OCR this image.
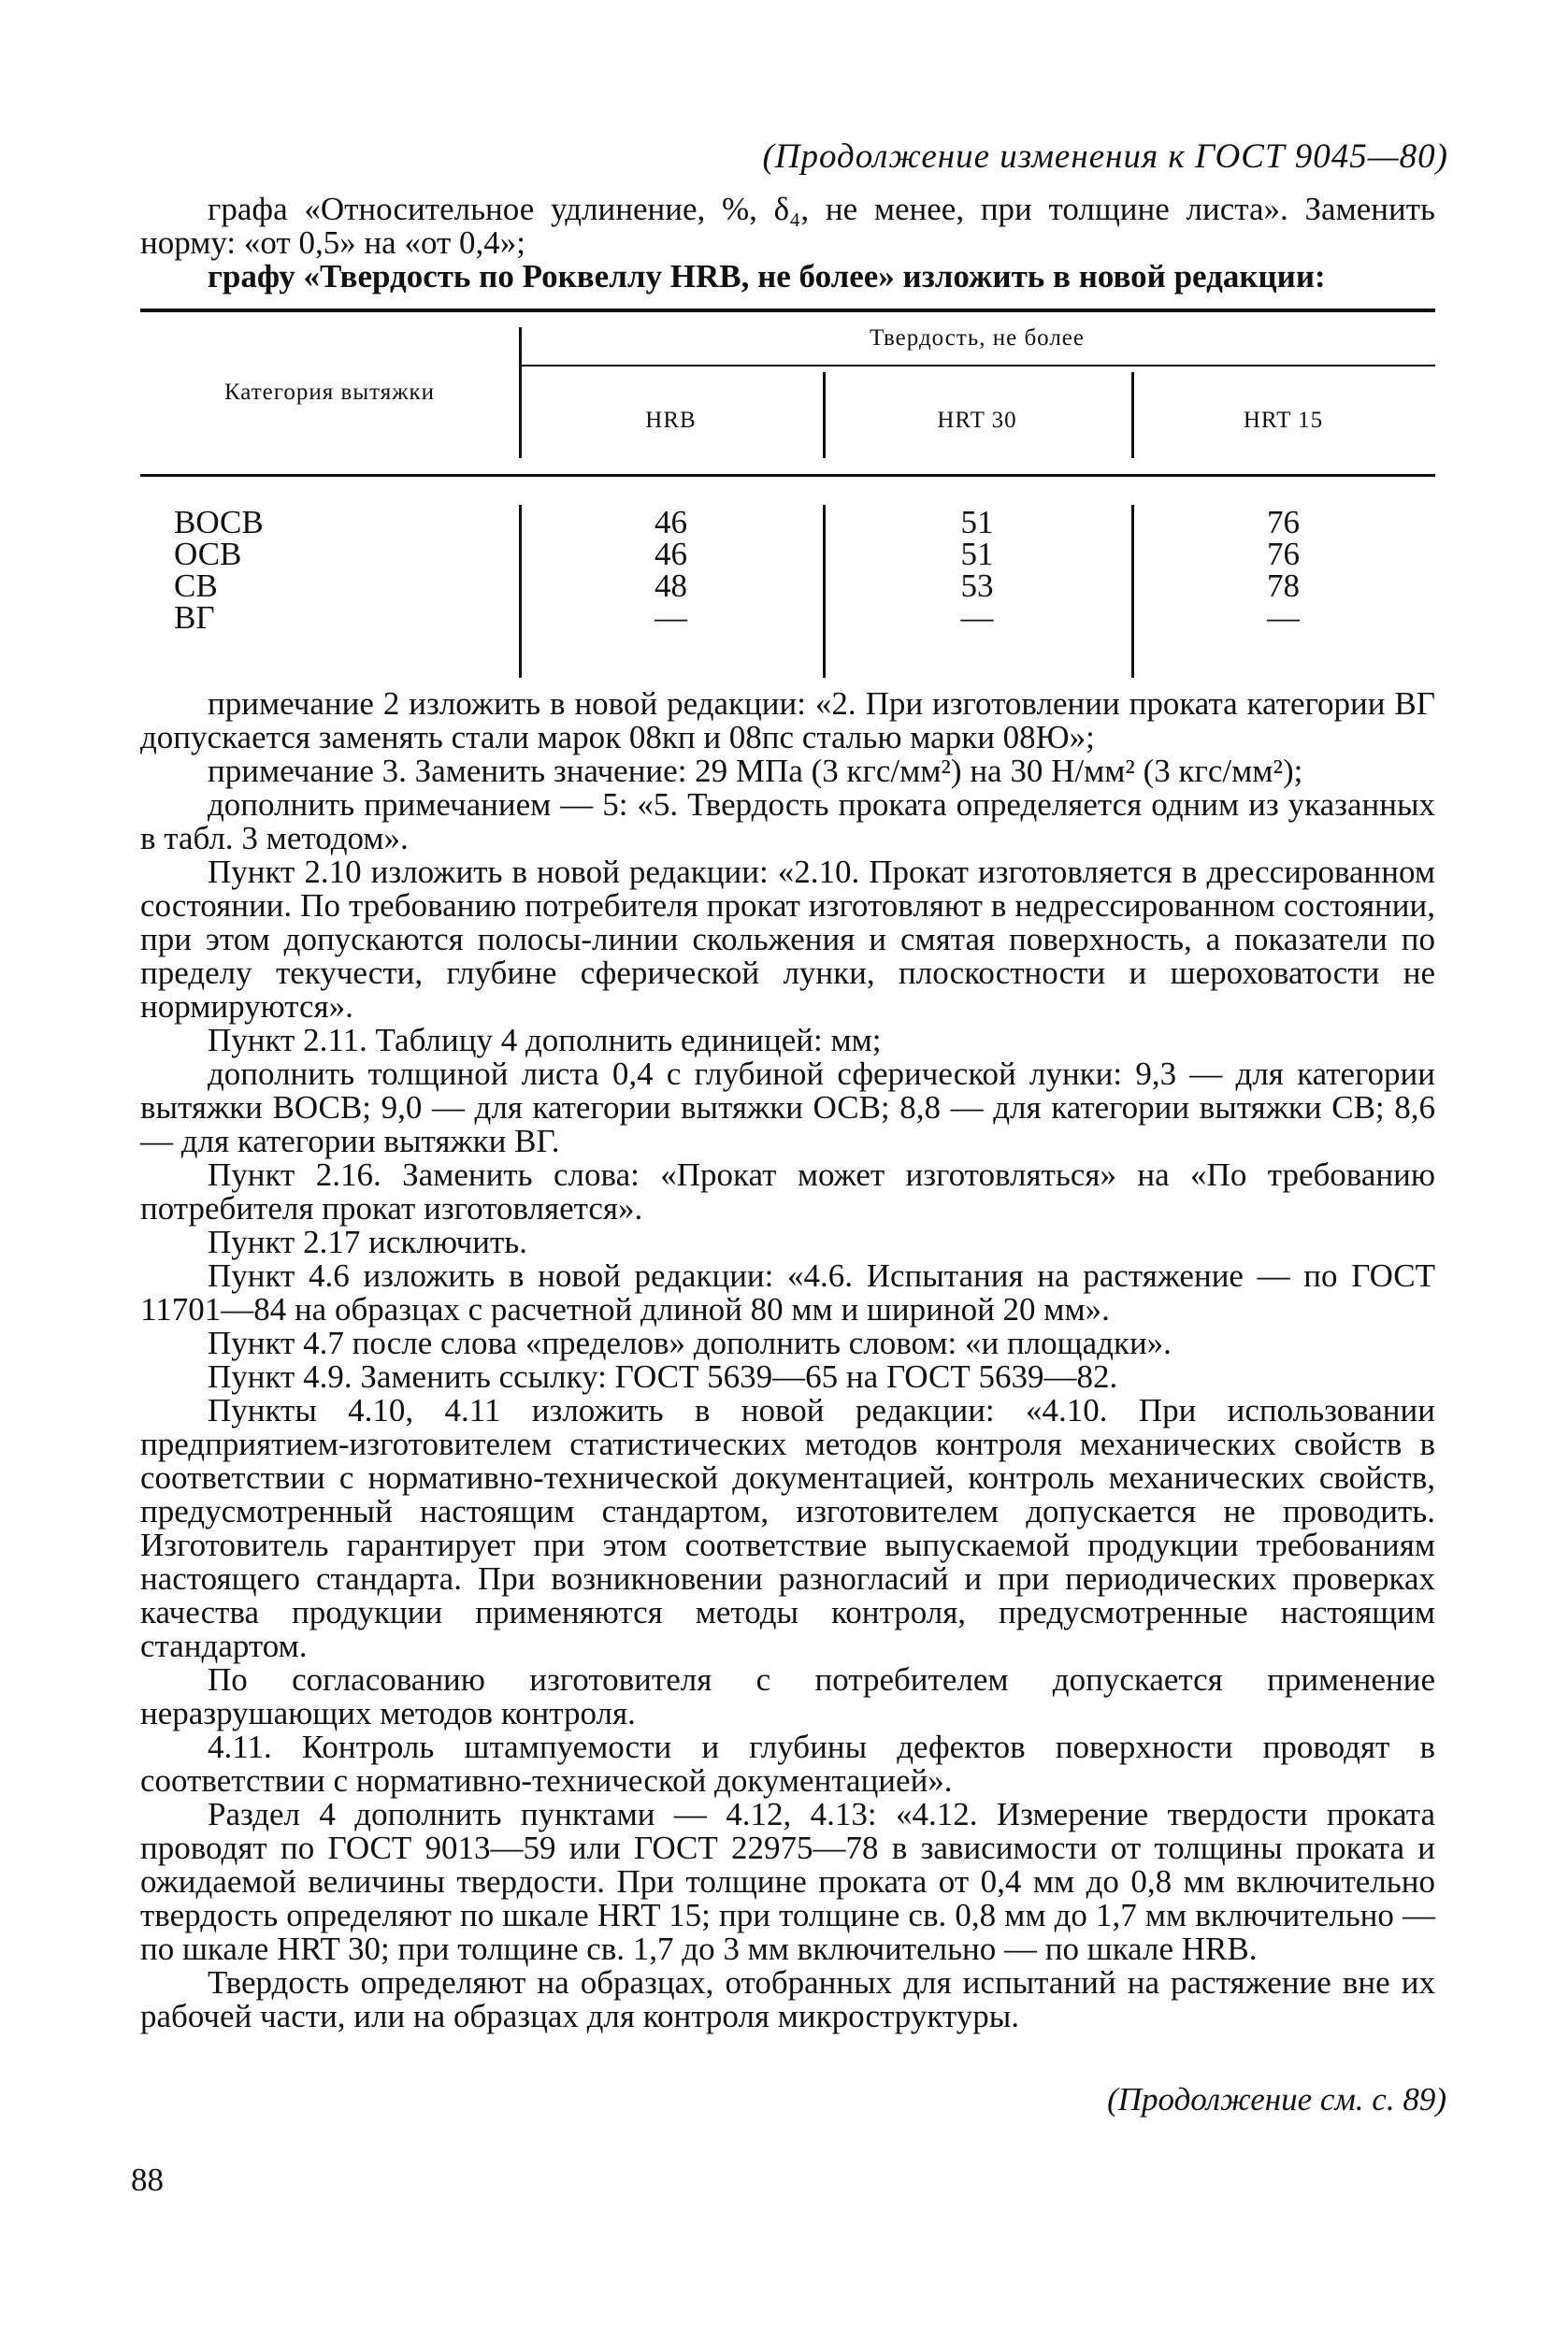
(Продолжение изменения к ГОСТ 9045—80)

графа «Относительное удлинение, %, δ₄, не менее, при толщине листа». Заменить норму: «от 0,5» на «от 0,4»;

графу «Твердость по Роквеллу HRB, не более» изложить в новой редакции:

Категория вытяжки
Твердость, не более
HRB	HRT 30	HRT 15
ВОСВ
ОСВ
СВ
ВГ
46
46
48
—
51
51
53
—
76
76
78
—

примечание 2 изложить в новой редакции: «2. При изготовлении проката категории ВГ допускается заменять стали марок 08кп и 08пс сталью марки 08Ю»;

примечание 3. Заменить значение: 29 МПа (3 кгс/мм²) на 30 Н/мм² (3 кгс/мм²);

дополнить примечанием — 5: «5. Твердость проката определяется одним из указанных в табл. 3 методом».

Пункт 2.10 изложить в новой редакции: «2.10. Прокат изготовляется в дрессированном состоянии. По требованию потребителя прокат изготовляют в недрессированном состоянии, при этом допускаются полосы-линии скольжения и смятая поверхность, а показатели по пределу текучести, глубине сферической лунки, плоскостности и шероховатости не нормируются».

Пункт 2.11. Таблицу 4 дополнить единицей: мм;

дополнить толщиной листа 0,4 с глубиной сферической лунки: 9,3 — для категории вытяжки ВОСВ; 9,0 — для категории вытяжки ОСВ; 8,8 — для категории вытяжки СВ; 8,6 — для категории вытяжки ВГ.

Пункт 2.16. Заменить слова: «Прокат может изготовляться» на «По требованию потребителя прокат изготовляется».

Пункт 2.17 исключить.

Пункт 4.6 изложить в новой редакции: «4.6. Испытания на растяжение — по ГОСТ 11701—84 на образцах с расчетной длиной 80 мм и шириной 20 мм».

Пункт 4.7 после слова «пределов» дополнить словом: «и площадки».

Пункт 4.9. Заменить ссылку: ГОСТ 5639—65 на ГОСТ 5639—82.

Пункты 4.10, 4.11 изложить в новой редакции: «4.10. При использовании предприятием-изготовителем статистических методов контроля механических свойств в соответствии с нормативно-технической документацией, контроль механических свойств, предусмотренный настоящим стандартом, изготовителем допускается не проводить. Изготовитель гарантирует при этом соответствие выпускаемой продукции требованиям настоящего стандарта. При возникновении разногласий и при периодических проверках качества продукции применяются методы контроля, предусмотренные настоящим стандартом.

По согласованию изготовителя с потребителем допускается применение неразрушающих методов контроля.

4.11. Контроль штампуемости и глубины дефектов поверхности проводят в соответствии с нормативно-технической документацией».

Раздел 4 дополнить пунктами — 4.12, 4.13: «4.12. Измерение твердости проката проводят по ГОСТ 9013—59 или ГОСТ 22975—78 в зависимости от толщины проката и ожидаемой величины твердости. При толщине проката от 0,4 мм до 0,8 мм включительно твердость определяют по шкале HRT 15; при толщине св. 0,8 мм до 1,7 мм включительно — по шкале HRT 30; при толщине св. 1,7 до 3 мм включительно — по шкале HRB.

Твердость определяют на образцах, отобранных для испытаний на растяжение вне их рабочей части, или на образцах для контроля микроструктуры.

(Продолжение см. с. 89)
88
